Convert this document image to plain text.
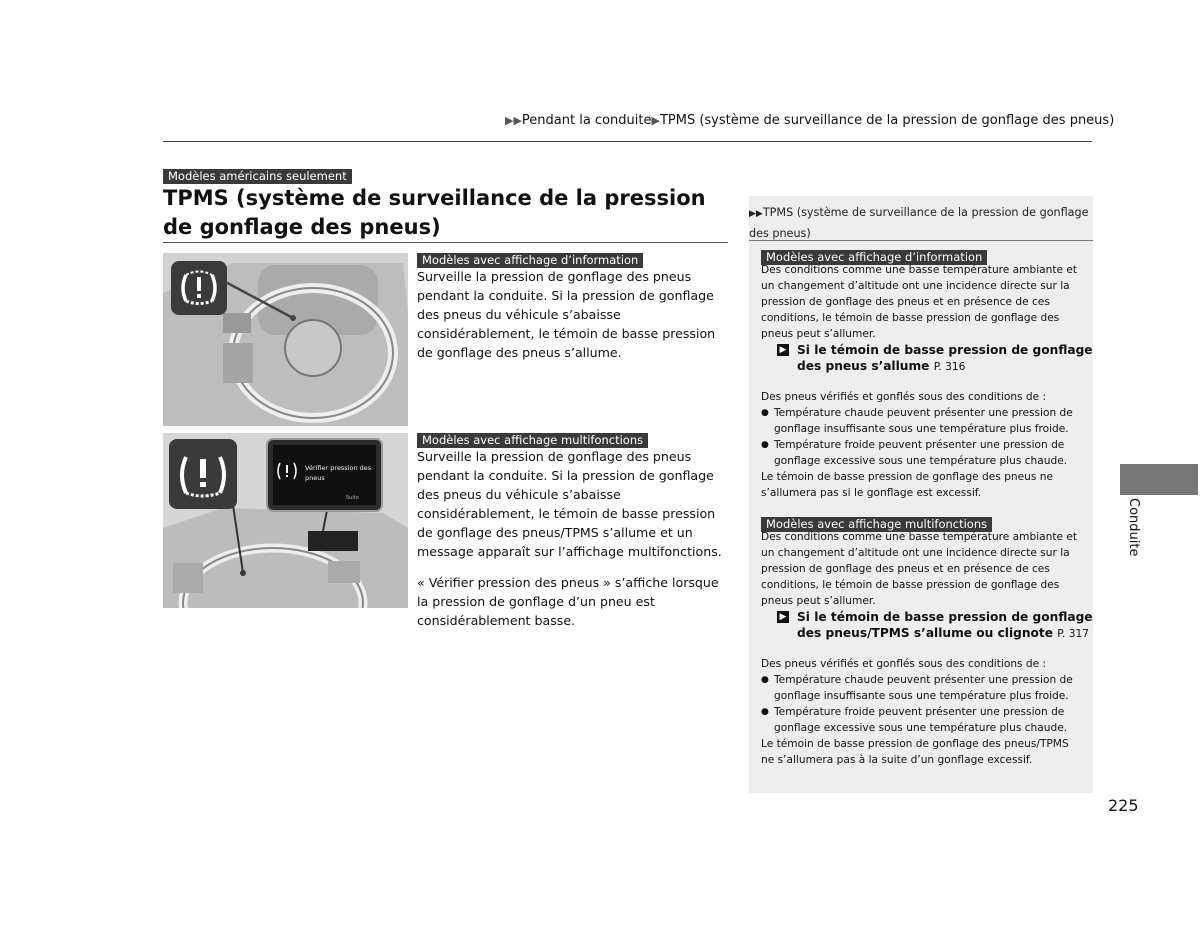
▶▶Pendant la conduite▶TPMS (système de surveillance de la pression de gonflage des pneus)
Modèles américains seulement
TPMS (système de surveillance de la pression de gonflage des pneus)
Modèles avec affichage d’information

Surveille la pression de gonflage des pneus pendant la conduite. Si la pression de gonflage des pneus du véhicule s’abaisse considérablement, le témoin de basse pression de gonflage des pneus s’allume.

Vérifier pression des pneus
Suite
Modèles avec affichage multifonctions

Surveille la pression de gonflage des pneus pendant la conduite. Si la pression de gonflage des pneus du véhicule s’abaisse considérablement, le témoin de basse pression de gonflage des pneus/TPMS s’allume et un message apparaît sur l’affichage multifonctions.

« Vérifier pression des pneus » s’affiche lorsque la pression de gonflage d’un pneu est considérablement basse.

▶▶TPMS (système de surveillance de la pression de gonflage des pneus)
Modèles avec affichage d’information

Des conditions comme une basse température ambiante et un changement d’altitude ont une incidence directe sur la pression de gonflage des pneus et en présence de ces conditions, le témoin de basse pression de gonflage des pneus peut s’allumer.

▶ Si le témoin de basse pression de gonflage des pneus s’allume P. 316

Des pneus vérifiés et gonflés sous des conditions de :

● Température chaude peuvent présenter une pression de gonflage insuffisante sous une température plus froide.

● Température froide peuvent présenter une pression de gonflage excessive sous une température plus chaude.

Le témoin de basse pression de gonflage des pneus ne s’allumera pas si le gonflage est excessif.

Modèles avec affichage multifonctions

Des conditions comme une basse température ambiante et un changement d’altitude ont une incidence directe sur la pression de gonflage des pneus et en présence de ces conditions, le témoin de basse pression de gonflage des pneus peut s’allumer.

▶ Si le témoin de basse pression de gonflage des pneus/TPMS s’allume ou clignote P. 317

Des pneus vérifiés et gonflés sous des conditions de :

● Température chaude peuvent présenter une pression de gonflage insuffisante sous une température plus froide.

● Température froide peuvent présenter une pression de gonflage excessive sous une température plus chaude.

Le témoin de basse pression de gonflage des pneus/TPMS ne s’allumera pas à la suite d’un gonflage excessif.

Conduite
225
